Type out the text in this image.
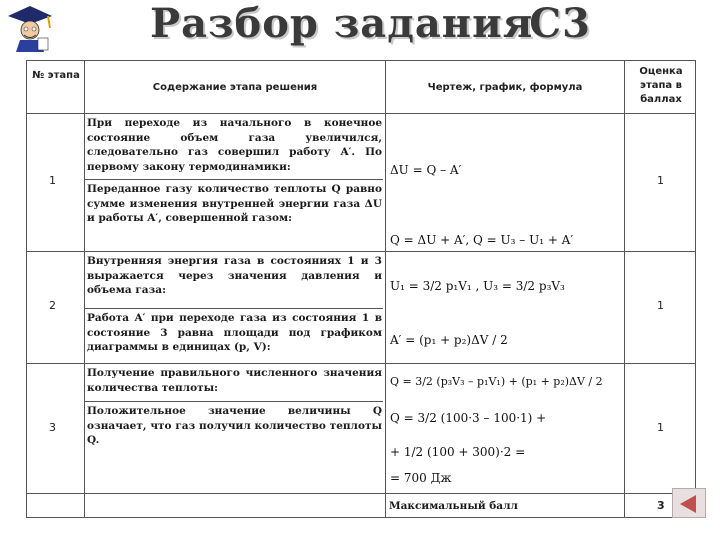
Разбор заданияС3
№ этапа
Содержание этапа решения	Чертеж, график, формула
Оценка этапа в баллах
1
При переходе из начального в конечное состояние объем газа увеличился, следовательно газ совершил работу A′. По первому закону термодинамики:
Переданное газу количество теплоты Q равно сумме изменения внутренней энергии газа ΔU и работы A′, совершенной газом:
ΔU = Q – A′
Q = ΔU + A′, Q = U₃ – U₁ + A′
1
2
Внутренняя энергия газа в состояниях 1 и 3 выражается через значения давления и объема газа:
Работа A′ при переходе газа из состояния 1 в состояние 3 равна площади под графиком диаграммы в единицах (p, V):
U₁ = 3/2 p₁V₁ , U₃ = 3/2 p₃V₃
A′ = (p₁ + p₂)ΔV / 2
1
3
Получение правильного численного значения количества теплоты:
Положительное значение величины Q означает, что газ получил количество теплоты Q.
Q = 3/2 (p₃V₃ – p₁V₁) + (p₁ + p₂)ΔV / 2
Q = 3/2 (100·3 – 100·1) +
+ 1/2 (100 + 300)·2 =
= 700 Дж
1
Максимальный балл	3
